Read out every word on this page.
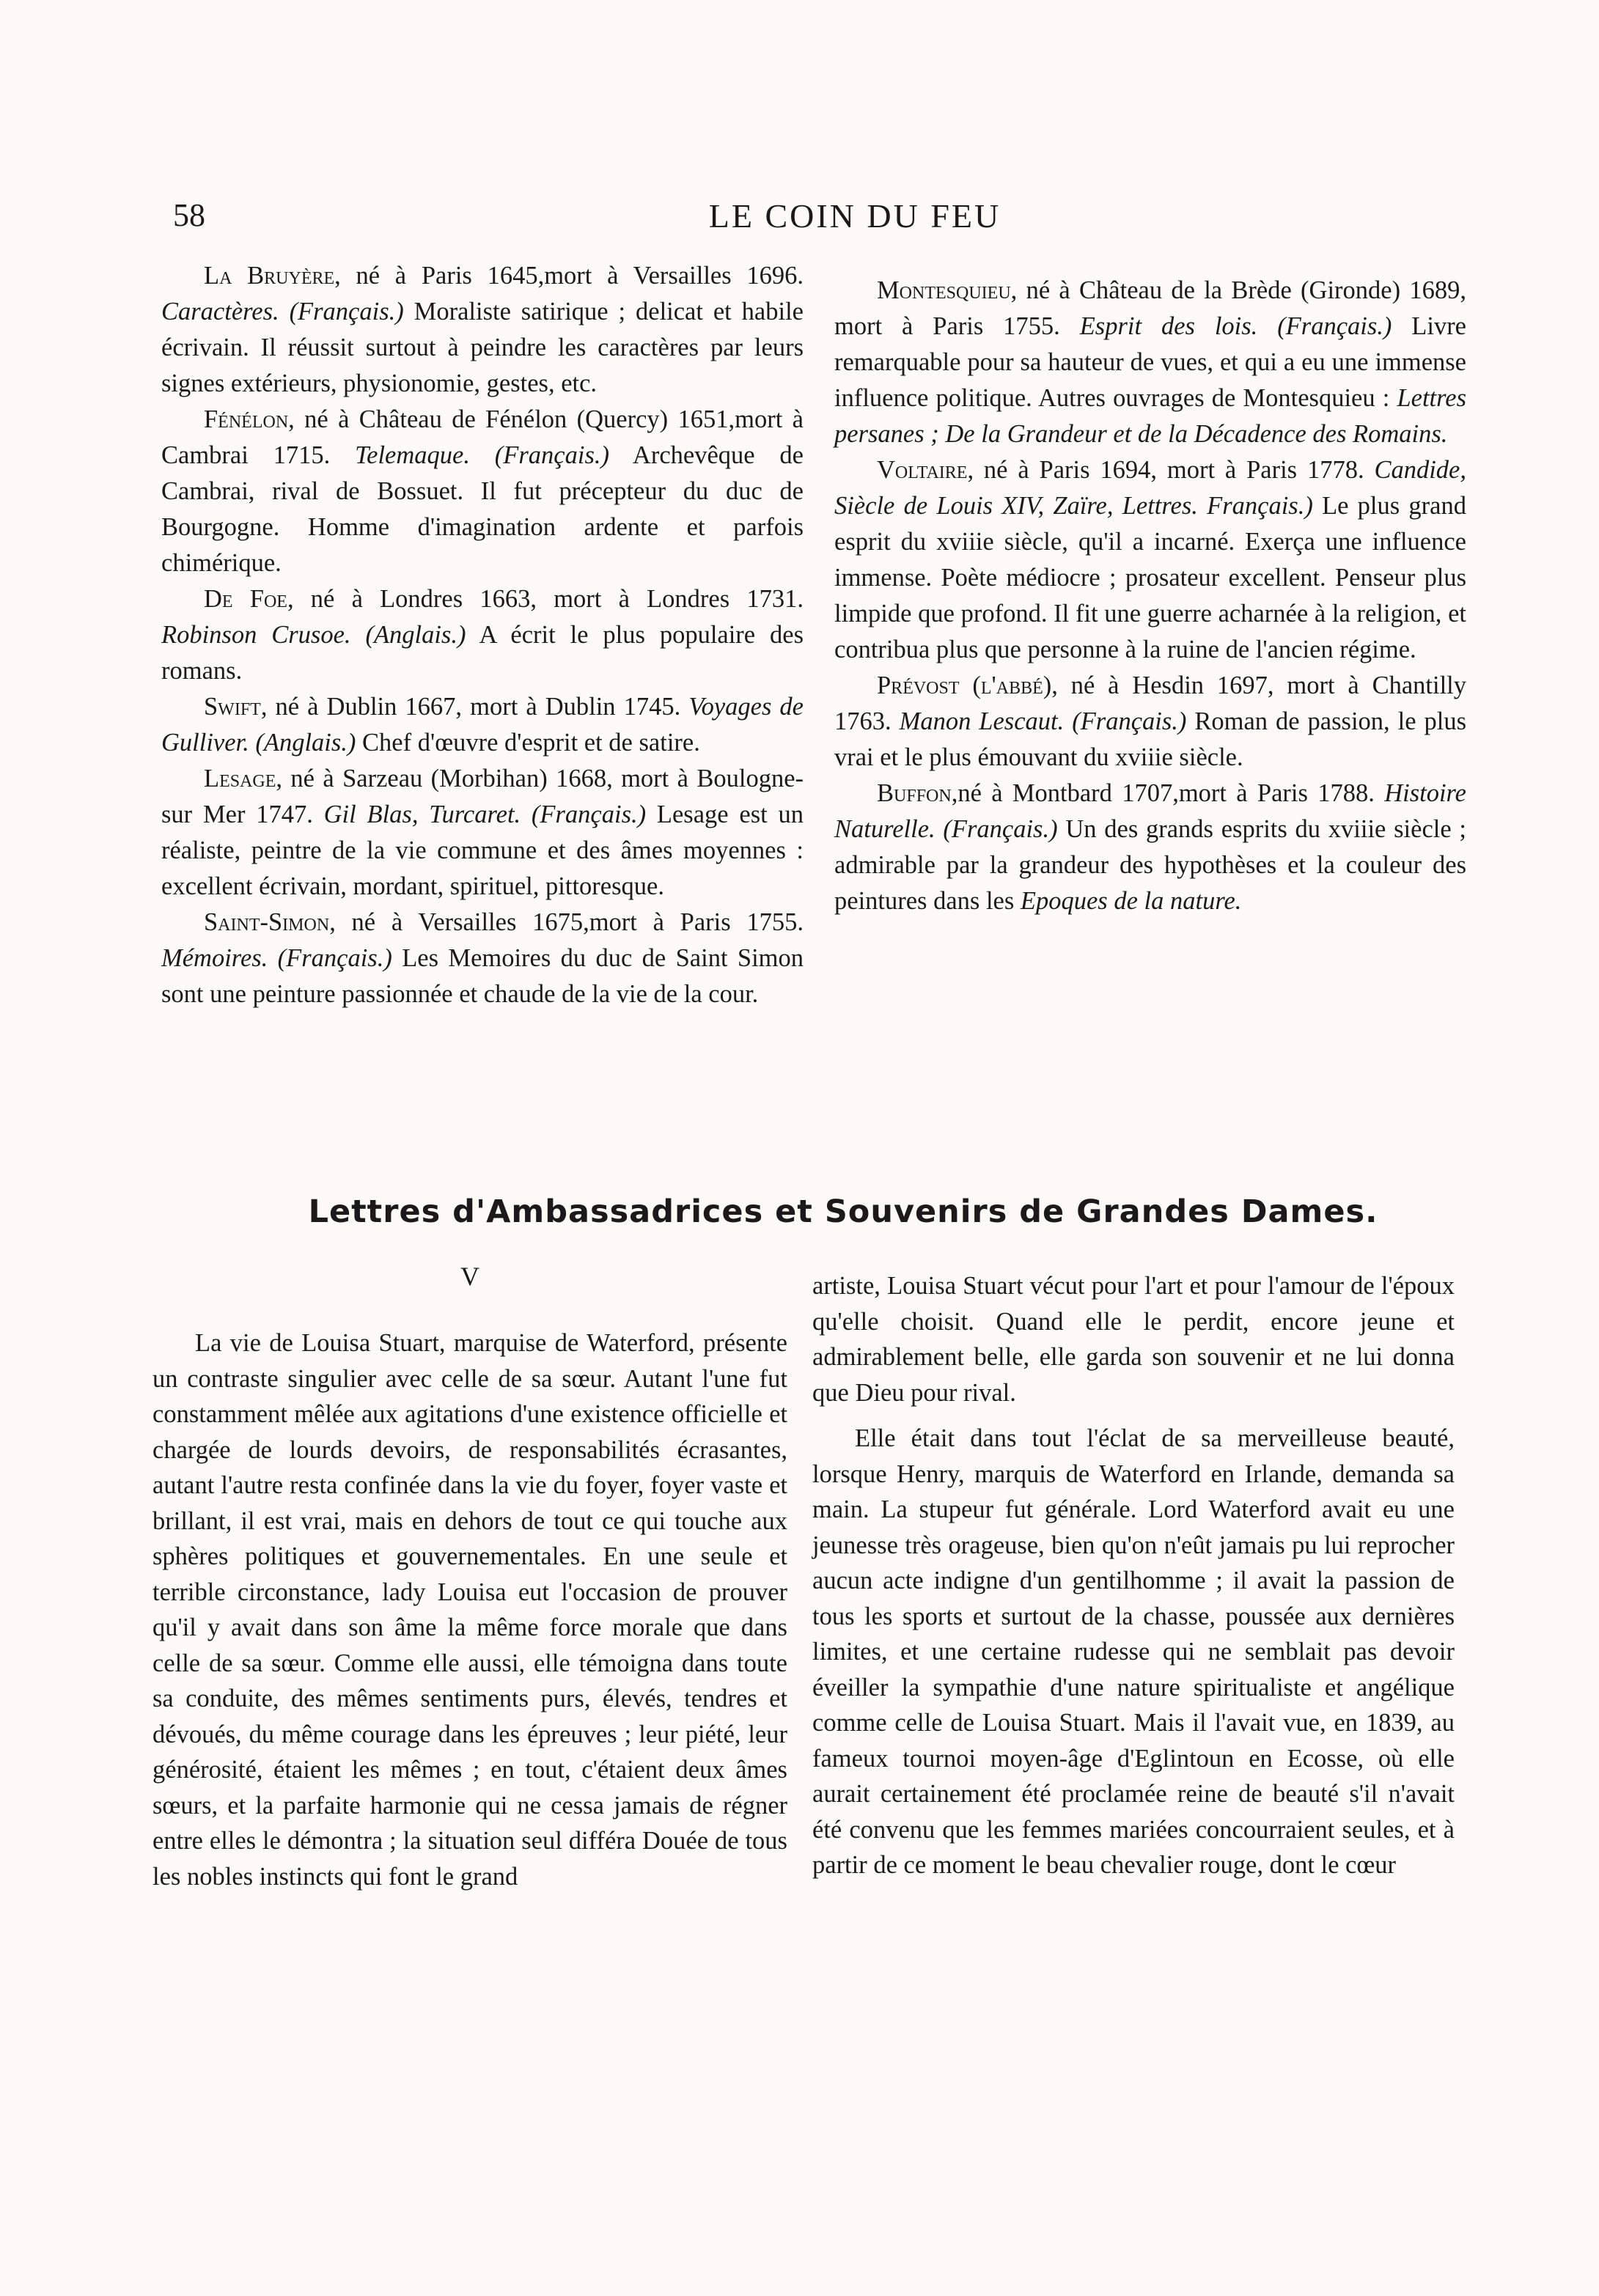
58	LE COIN DU FEU

La Bruyère, né à Paris 1645,mort à Versailles 1696. Caractères. (Français.) Moraliste satirique ; delicat et habile écrivain. Il réussit surtout à peindre les caractères par leurs signes extérieurs, physionomie, gestes, etc.

Fénélon, né à Château de Fénélon (Quercy) 1651,mort à Cambrai 1715. Telemaque. (Français.) Archevêque de Cambrai, rival de Bossuet. Il fut précepteur du duc de Bourgogne. Homme d'imagination ardente et parfois chimérique.

De Foe, né à Londres 1663, mort à Londres 1731. Robinson Crusoe. (Anglais.) A écrit le plus populaire des romans.

Swift, né à Dublin 1667, mort à Dublin 1745. Voyages de Gulliver. (Anglais.) Chef d'œuvre d'esprit et de satire.

Lesage, né à Sarzeau (Morbihan) 1668, mort à Boulogne-sur Mer 1747. Gil Blas, Turcaret. (Français.) Lesage est un réaliste, peintre de la vie commune et des âmes moyennes : excellent écrivain, mordant, spirituel, pittoresque.

Saint-Simon, né à Versailles 1675,mort à Paris 1755. Mémoires. (Français.) Les Memoires du duc de Saint Simon sont une peinture passionnée et chaude de la vie de la cour.

Montesquieu, né à Château de la Brède (Gironde) 1689, mort à Paris 1755. Esprit des lois. (Français.) Livre remarquable pour sa hauteur de vues, et qui a eu une immense influence politique. Autres ouvrages de Montesquieu : Lettres persanes ; De la Grandeur et de la Décadence des Romains.

Voltaire, né à Paris 1694, mort à Paris 1778. Candide, Siècle de Louis XIV, Zaïre, Lettres. Français.) Le plus grand esprit du xviiie siècle, qu'il a incarné. Exerça une influence immense. Poète médiocre ; prosateur excellent. Penseur plus limpide que profond. Il fit une guerre acharnée à la religion, et contribua plus que personne à la ruine de l'ancien régime.

Prévost (l'abbé), né à Hesdin 1697, mort à Chantilly 1763. Manon Lescaut. (Français.) Roman de passion, le plus vrai et le plus émouvant du xviiie siècle.

Buffon,né à Montbard 1707,mort à Paris 1788. Histoire Naturelle. (Français.) Un des grands esprits du xviiie siècle ; admirable par la grandeur des hypothèses et la couleur des peintures dans les Epoques de la nature.

Lettres d'Ambassadrices et Souvenirs de Grandes Dames.
V

La vie de Louisa Stuart, marquise de Waterford, présente un contraste singulier avec celle de sa sœur. Autant l'une fut constamment mêlée aux agitations d'une existence officielle et chargée de lourds devoirs, de responsabilités écrasantes, autant l'autre resta confinée dans la vie du foyer, foyer vaste et brillant, il est vrai, mais en dehors de tout ce qui touche aux sphères politiques et gouvernementales. En une seule et terrible circonstance, lady Louisa eut l'occasion de prouver qu'il y avait dans son âme la même force morale que dans celle de sa sœur. Comme elle aussi, elle témoigna dans toute sa conduite, des mêmes sentiments purs, élevés, tendres et dévoués, du même courage dans les épreuves ; leur piété, leur générosité, étaient les mêmes ; en tout, c'étaient deux âmes sœurs, et la parfaite harmonie qui ne cessa jamais de régner entre elles le démontra ; la situation seul différa Douée de tous les nobles instincts qui font le grand

artiste, Louisa Stuart vécut pour l'art et pour l'amour de l'époux qu'elle choisit. Quand elle le perdit, encore jeune et admirablement belle, elle garda son souvenir et ne lui donna que Dieu pour rival.

Elle était dans tout l'éclat de sa merveilleuse beauté, lorsque Henry, marquis de Waterford en Irlande, demanda sa main. La stupeur fut générale. Lord Waterford avait eu une jeunesse très orageuse, bien qu'on n'eût jamais pu lui reprocher aucun acte indigne d'un gentilhomme ; il avait la passion de tous les sports et surtout de la chasse, poussée aux dernières limites, et une certaine rudesse qui ne semblait pas devoir éveiller la sympathie d'une nature spiritualiste et angélique comme celle de Louisa Stuart. Mais il l'avait vue, en 1839, au fameux tournoi moyen-âge d'Eglintoun en Ecosse, où elle aurait certainement été proclamée reine de beauté s'il n'avait été convenu que les femmes mariées concourraient seules, et à partir de ce moment le beau chevalier rouge, dont le cœur
